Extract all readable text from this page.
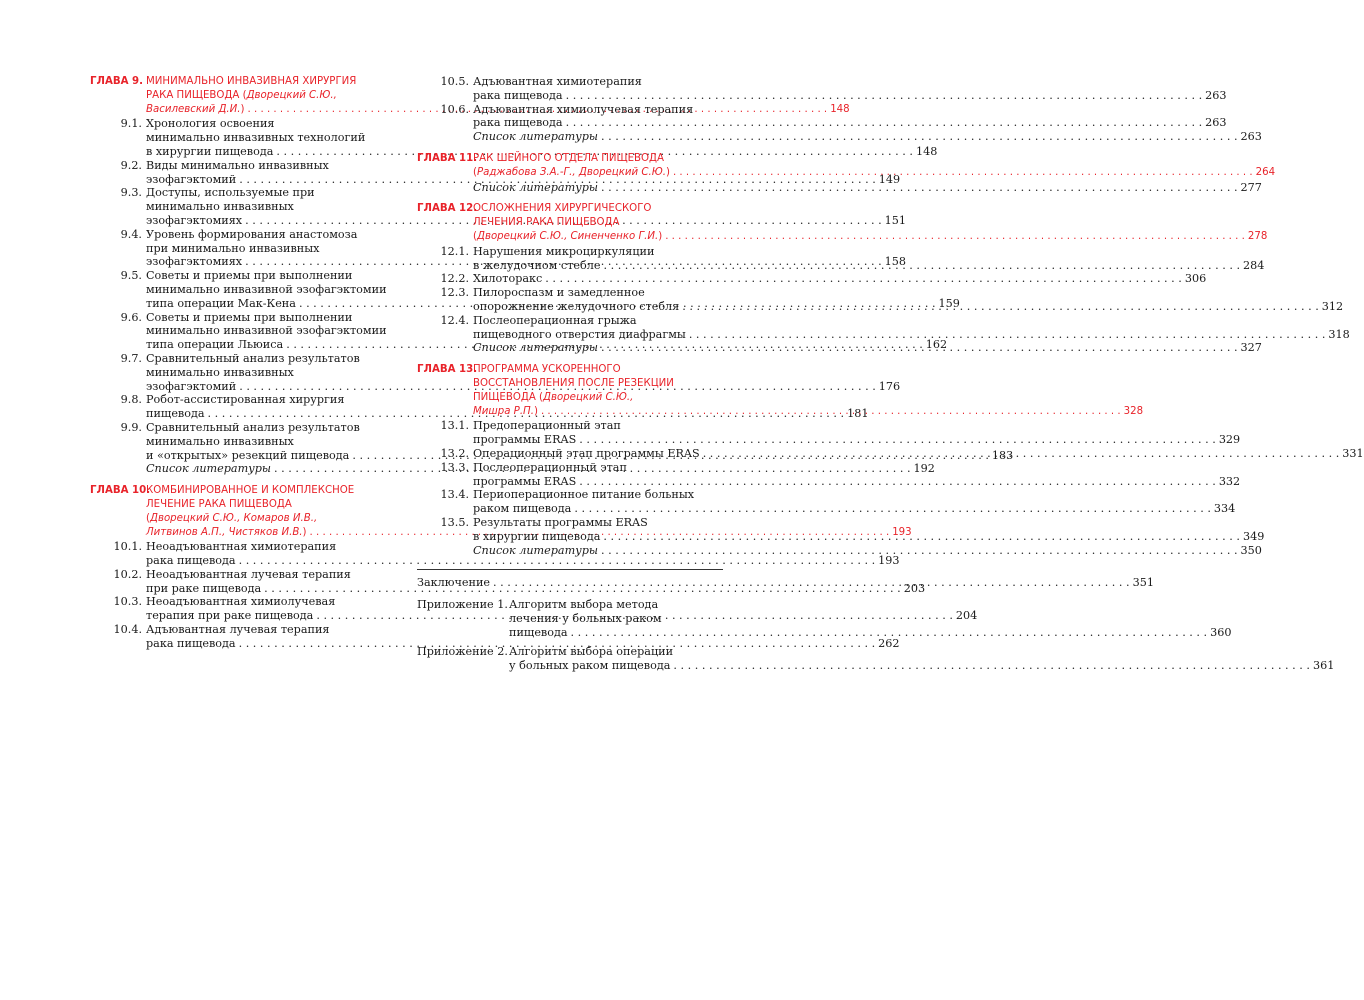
ГЛАВА 9. МИНИМАЛЬНО ИНВАЗИВНАЯ ХИРУРГИЯ
РАКА ПИЩЕВОДА (Дворецкий С.Ю.,
Василевский Д.И.) . . .	148
9.1. Хронология освоения
минимально инвазивных технологий
в хирургии пищевода . . .	148
9.2. Виды минимально инвазивных
эзофагэктомий . . .	149
9.3. Доступы, используемые при
минимально инвазивных
эзофагэктомиях . . .	151
9.4. Уровень формирования анастомоза
при минимально инвазивных
эзофагэктомиях . . .	158
9.5. Советы и приемы при выполнении
минимально инвазивной эзофагэктомии
типа операции Мак-Кена . . .	159
9.6. Советы и приемы при выполнении
минимально инвазивной эзофагэктомии
типа операции Льюиса . . .	162
9.7. Сравнительный анализ результатов
минимально инвазивных
эзофагэктомий . . .	176
9.8. Робот-ассистированная хирургия
пищевода . . .	181
9.9. Сравнительный анализ результатов
минимально инвазивных
и «открытых» резекций пищевода . . .	183
Список литературы . . .	192
ГЛАВА 10.
КОМБИНИРОВАННОЕ И КОМПЛЕКСНОЕ
ЛЕЧЕНИЕ РАКА ПИЩЕВОДА
(Дворецкий С.Ю., Комаров И.В.,
Литвинов А.П., Чистяков И.В.) . . .	193
10.1. Неоадъювантная химиотерапия
рака пищевода . . .	193
10.2. Неоадъювантная лучевая терапия
при раке пищевода . . .	203
10.3. Неоадъювантная химиолучевая
терапия при раке пищевода . . .	204
10.4. Адъювантная лучевая терапия
рака пищевода . . .	262
10.5. Адъювантная химиотерапия
рака пищевода . . .	263
10.6. Адъювантная химиолучевая терапия
рака пищевода . . .	263
Список литературы . . .	263
ГЛАВА 11.
РАК ШЕЙНОГО ОТДЕЛА ПИЩЕВОДА
(Раджабова З.А.-Г., Дворецкий С.Ю.) . . .	264
Список литературы . . .	277
ГЛАВА 12.
ОСЛОЖНЕНИЯ ХИРУРГИЧЕСКОГО
ЛЕЧЕНИЯ РАКА ПИЩЕВОДА
(Дворецкий С.Ю., Синенченко Г.И.) . . .	278
12.1. Нарушения микроциркуляции
в желудочном стебле . . .	284
12.2. Хилоторакс . . .	306
12.3. Пилороспазм и замедленное
опорожнение желудочного стебля . . .	312
12.4. Послеоперационная грыжа
пищеводного отверстия диафрагмы . . .	318
Список литературы . . .	327
ГЛАВА 13.
ПРОГРАММА УСКОРЕННОГО
ВОССТАНОВЛЕНИЯ ПОСЛЕ РЕЗЕКЦИИ
ПИЩЕВОДА (Дворецкий С.Ю.,
Мишра Р.П.) . . .	328
13.1. Предоперационный этап
программы ERAS . . .	329
13.2. Операционный этап программы ERAS . . .	331
13.3. Послеоперационный этап
программы ERAS . . .	332
13.4. Периоперационное питание больных
раком пищевода . . .	334
13.5. Результаты программы ERAS
в хирургии пищевода . . .	349
Список литературы . . .	350
Заключение . . .	351
Приложение 1. Алгоритм выбора метода
лечения у больных раком
пищевода . . .	360
Приложение 2. Алгоритм выбора операции
у больных раком пищевода . . .	361
